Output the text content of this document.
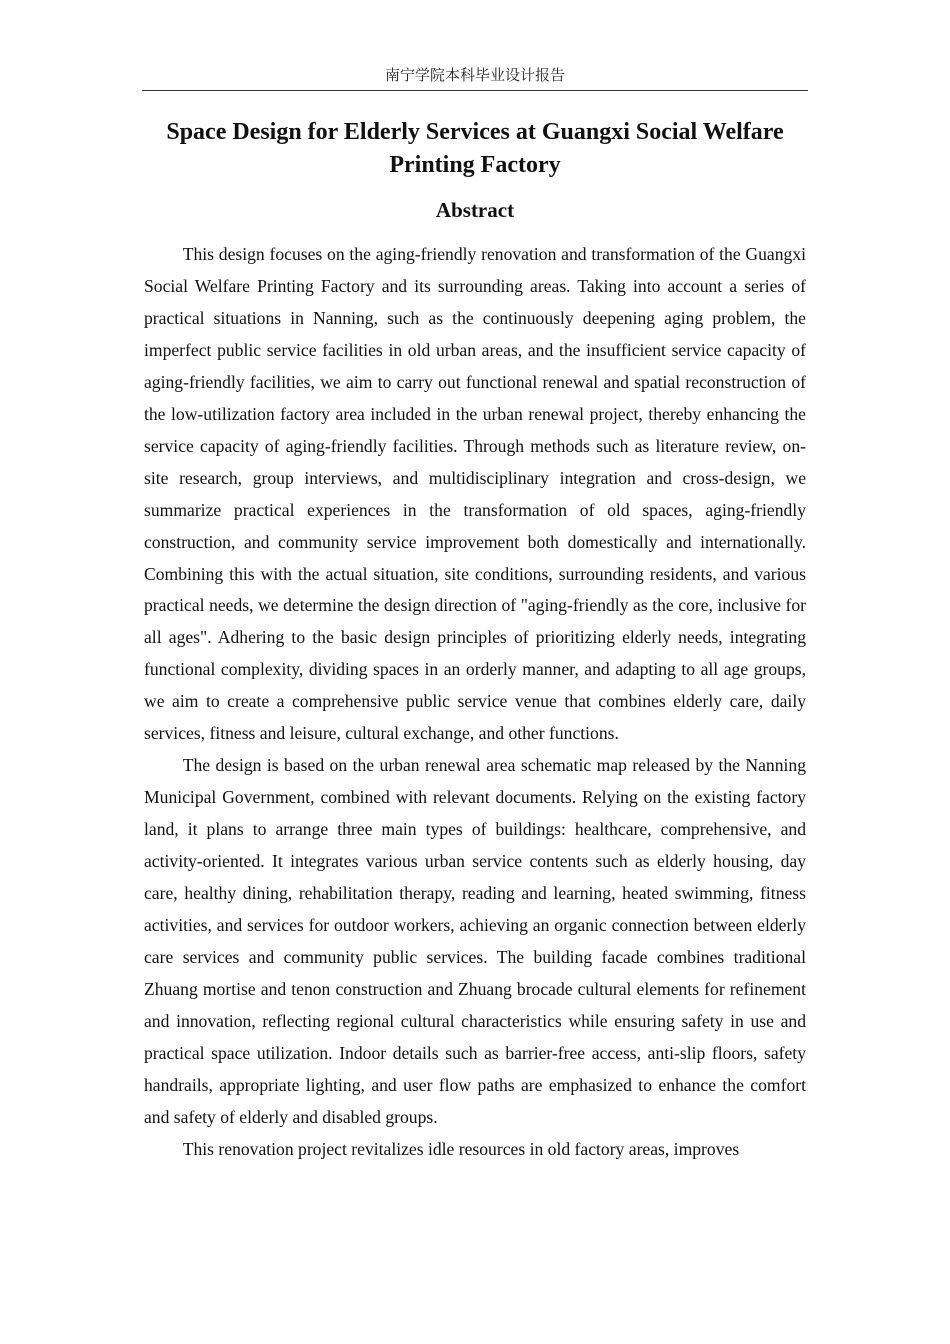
南宁学院本科毕业设计报告
Space Design for Elderly Services at Guangxi Social Welfare Printing Factory
Abstract

This design focuses on the aging-friendly renovation and transformation of the Guangxi Social Welfare Printing Factory and its surrounding areas. Taking into account a series of practical situations in Nanning, such as the continuously deepening aging problem, the imperfect public service facilities in old urban areas, and the insufficient service capacity of aging-friendly facilities, we aim to carry out functional renewal and spatial reconstruction of the low-utilization factory area included in the urban renewal project, thereby enhancing the service capacity of aging-friendly facilities. Through methods such as literature review, on-site research, group interviews, and multidisciplinary integration and cross-design, we summarize practical experiences in the transformation of old spaces, aging-friendly construction, and community service improvement both domestically and internationally. Combining this with the actual situation, site conditions, surrounding residents, and various practical needs, we determine the design direction of "aging-friendly as the core, inclusive for all ages". Adhering to the basic design principles of prioritizing elderly needs, integrating functional complexity, dividing spaces in an orderly manner, and adapting to all age groups, we aim to create a comprehensive public service venue that combines elderly care, daily services, fitness and leisure, cultural exchange, and other functions.

The design is based on the urban renewal area schematic map released by the Nanning Municipal Government, combined with relevant documents. Relying on the existing factory land, it plans to arrange three main types of buildings: healthcare, comprehensive, and activity-oriented. It integrates various urban service contents such as elderly housing, day care, healthy dining, rehabilitation therapy, reading and learning, heated swimming, fitness activities, and services for outdoor workers, achieving an organic connection between elderly care services and community public services. The building facade combines traditional Zhuang mortise and tenon construction and Zhuang brocade cultural elements for refinement and innovation, reflecting regional cultural characteristics while ensuring safety in use and practical space utilization. Indoor details such as barrier-free access, anti-slip floors, safety handrails, appropriate lighting, and user flow paths are emphasized to enhance the comfort and safety of elderly and disabled groups.

This renovation project revitalizes idle resources in old factory areas, improves
